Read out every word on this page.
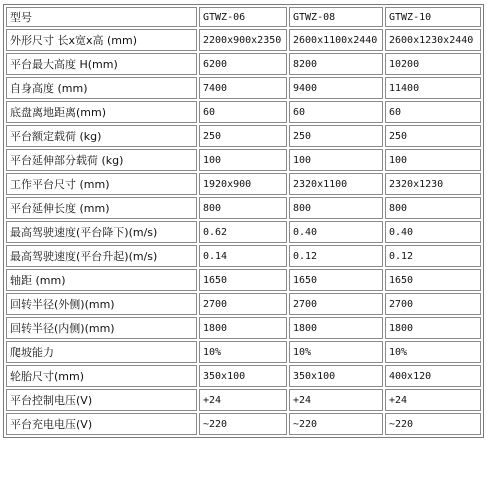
型号	GTWZ-06	GTWZ-08	GTWZ-10
外形尺寸 长x宽x高 (mm)	2200x900x2350	2600x1100x2440	2600x1230x2440
平台最大高度 H(mm)	6200	8200	10200
自身高度 (mm)	7400	9400	11400
底盘离地距离(mm)	60	60	60
平台额定载荷 (kg)	250	250	250
平台延伸部分载荷 (kg)	100	100	100
工作平台尺寸 (mm)	1920x900	2320x1100	2320x1230
平台延伸长度 (mm)	800	800	800
最高驾驶速度(平台降下)(m/s)	0.62	0.40	0.40
最高驾驶速度(平台升起)(m/s)	0.14	0.12	0.12
轴距 (mm)	1650	1650	1650
回转半径(外侧)(mm)	2700	2700	2700
回转半径(内侧)(mm)	1800	1800	1800
爬坡能力	10%	10%	10%
轮胎尺寸(mm)	350x100	350x100	400x120
平台控制电压(V)	+24	+24	+24
平台充电电压(V)	~220	~220	~220
